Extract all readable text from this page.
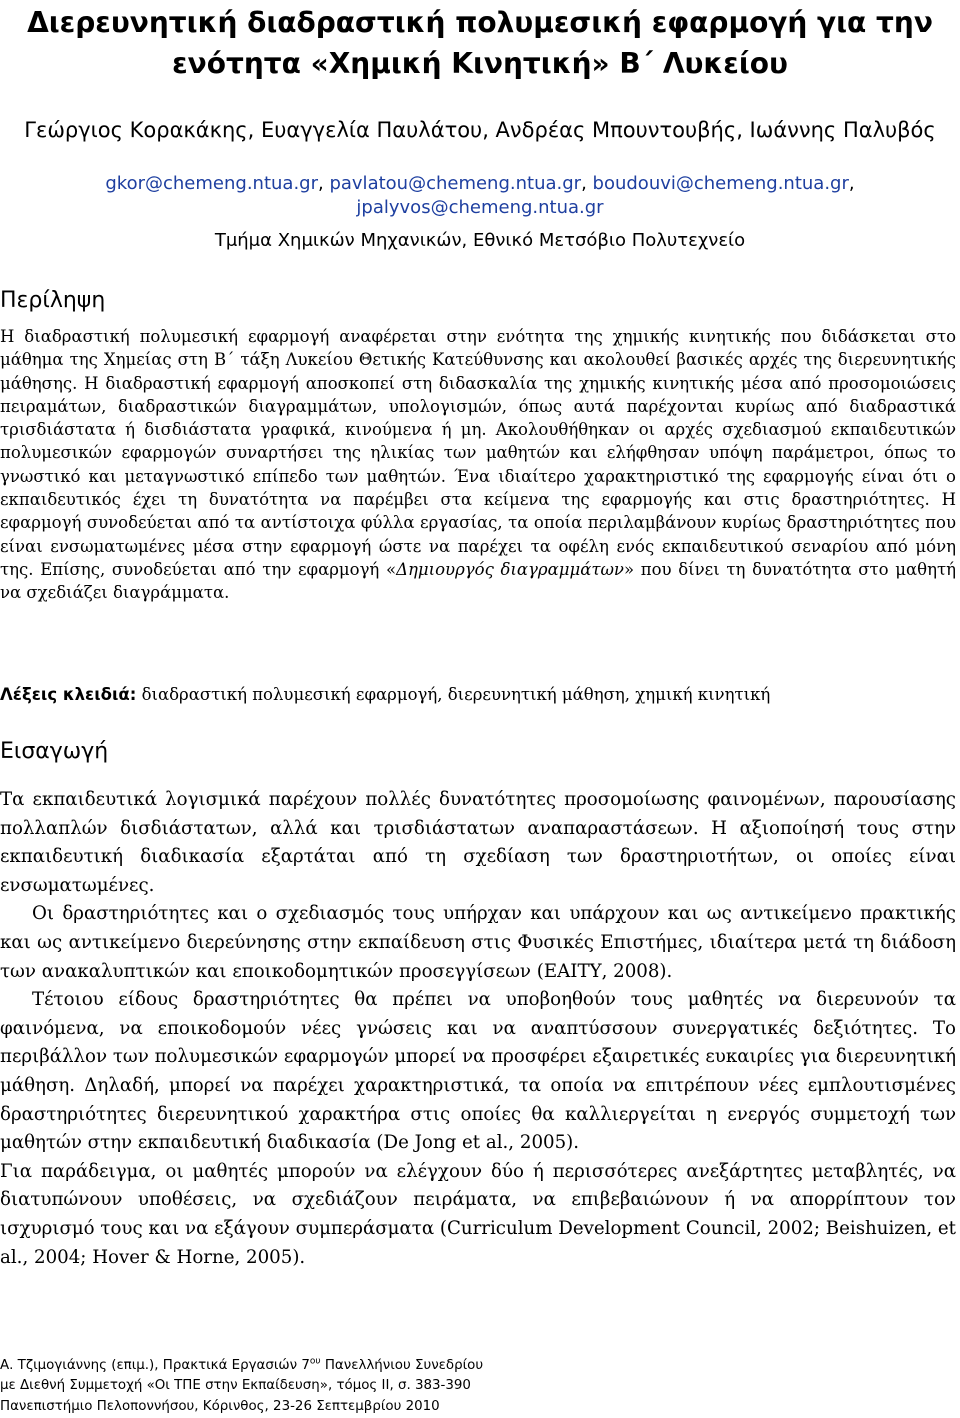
Διερευνητική διαδραστική πολυμεσική εφαρμογή για την ενότητα «Χημική Κινητική» Β΄ Λυκείου

Γεώργιος Κορακάκης, Ευαγγελία Παυλάτου, Ανδρέας Μπουντουβής, Ιωάννης Παλυβός

gkor@chemeng.ntua.gr, pavlatou@chemeng.ntua.gr, boudouvi@chemeng.ntua.gr, jpalyvos@chemeng.ntua.gr

Τμήμα Χημικών Μηχανικών, Εθνικό Μετσόβιο Πολυτεχνείο

Περίληψη

Η διαδραστική πολυμεσική εφαρμογή αναφέρεται στην ενότητα της χημικής κινητικής που διδάσκεται στο μάθημα της Χημείας στη Β΄ τάξη Λυκείου Θετικής Κατεύθυνσης και ακολουθεί βασικές αρχές της διερευνητικής μάθησης. Η διαδραστική εφαρμογή αποσκοπεί στη διδασκαλία της χημικής κινητικής μέσα από προσομοιώσεις πειραμάτων, διαδραστικών διαγραμμάτων, υπολογισμών, όπως αυτά παρέχονται κυρίως από διαδραστικά τρισδιάστατα ή δισδιάστατα γραφικά, κινούμενα ή μη. Ακολουθήθηκαν οι αρχές σχεδιασμού εκπαιδευτικών πολυμεσικών εφαρμογών συναρτήσει της ηλικίας των μαθητών και ελήφθησαν υπόψη παράμετροι, όπως το γνωστικό και μεταγνωστικό επίπεδο των μαθητών. Ένα ιδιαίτερο χαρακτηριστικό της εφαρμογής είναι ότι ο εκπαιδευτικός έχει τη δυνατότητα να παρέμβει στα κείμενα της εφαρμογής και στις δραστηριότητες. Η εφαρμογή συνοδεύεται από τα αντίστοιχα φύλλα εργασίας, τα οποία περιλαμβάνουν κυρίως δραστηριότητες που είναι ενσωματωμένες μέσα στην εφαρμογή ώστε να παρέχει τα οφέλη ενός εκπαιδευτικού σεναρίου από μόνη της. Επίσης, συνοδεύεται από την εφαρμογή «Δημιουργός διαγραμμάτων» που δίνει τη δυνατότητα στο μαθητή να σχεδιάζει διαγράμματα.

Λέξεις κλειδιά: διαδραστική πολυμεσική εφαρμογή, διερευνητική μάθηση, χημική κινητική

Εισαγωγή

Τα εκπαιδευτικά λογισμικά παρέχουν πολλές δυνατότητες προσομοίωσης φαινομένων, παρουσίασης πολλαπλών δισδιάστατων, αλλά και τρισδιάστατων αναπαραστάσεων. Η αξιοποίησή τους στην εκπαιδευτική διαδικασία εξαρτάται από τη σχεδίαση των δραστηριοτήτων, οι οποίες είναι ενσωματωμένες.

Οι δραστηριότητες και ο σχεδιασμός τους υπήρχαν και υπάρχουν και ως αντικείμενο πρακτικής και ως αντικείμενο διερεύνησης στην εκπαίδευση στις Φυσικές Επιστήμες, ιδιαίτερα μετά τη διάδοση των ανακαλυπτικών και εποικοδομητικών προσεγγίσεων (ΕΑΙΤΥ, 2008).

Τέτοιου είδους δραστηριότητες θα πρέπει να υποβοηθούν τους μαθητές να διερευνούν τα φαινόμενα, να εποικοδομούν νέες γνώσεις και να αναπτύσσουν συνεργατικές δεξιότητες. Το περιβάλλον των πολυμεσικών εφαρμογών μπορεί να προσφέρει εξαιρετικές ευκαιρίες για διερευνητική μάθηση. Δηλαδή, μπορεί να παρέχει χαρακτηριστικά, τα οποία να επιτρέπουν νέες εμπλουτισμένες δραστηριότητες διερευνητικού χαρακτήρα στις οποίες θα καλλιεργείται η ενεργός συμμετοχή των μαθητών στην εκπαιδευτική διαδικασία (De Jong et al., 2005).

Για παράδειγμα, οι μαθητές μπορούν να ελέγχουν δύο ή περισσότερες ανεξάρτητες μεταβλητές, να διατυπώνουν υποθέσεις, να σχεδιάζουν πειράματα, να επιβεβαιώνουν ή να απορρίπτουν τον ισχυρισμό τους και να εξάγουν συμπεράσματα (Curriculum Development Council, 2002; Beishuizen, et al., 2004; Hover & Horne, 2005).

Α. Τζιμογιάννης (επιμ.), Πρακτικά Εργασιών $7^{o\upsilon}$ Πανελλήνιου Συνεδρίου
με Διεθνή Συμμετοχή «Οι ΤΠΕ στην Εκπαίδευση», τόμος ΙΙ, σ. 383-390
Πανεπιστήμιο Πελοποννήσου, Κόρινθος, 23-26 Σεπτεμβρίου 2010
